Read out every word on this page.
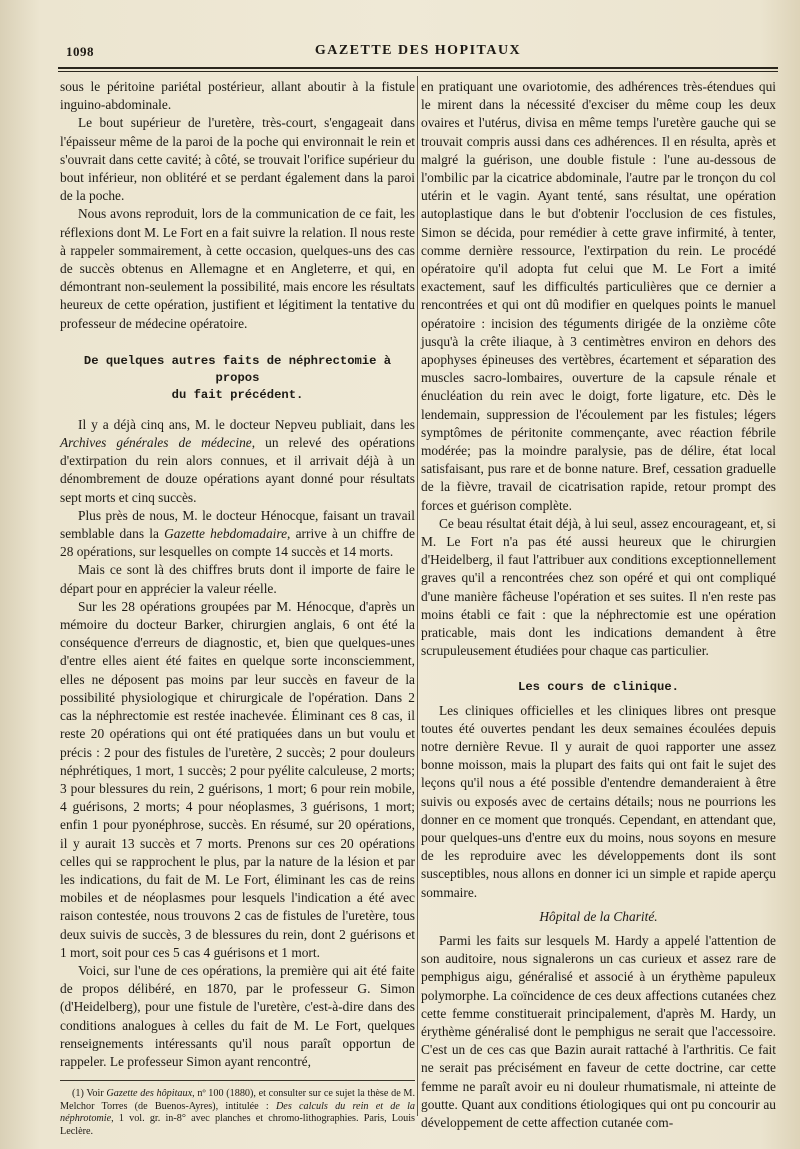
1098	GAZETTE DES HOPITAUX

sous le péritoine pariétal postérieur, allant aboutir à la fistule inguino-abdominale.

Le bout supérieur de l'uretère, très-court, s'engageait dans l'épaisseur même de la paroi de la poche qui environnait le rein et s'ouvrait dans cette cavité; à côté, se trouvait l'orifice supérieur du bout inférieur, non oblitéré et se perdant également dans la paroi de la poche.

Nous avons reproduit, lors de la communication de ce fait, les réflexions dont M. Le Fort en a fait suivre la relation. Il nous reste à rappeler sommairement, à cette occasion, quelques-uns des cas de succès obtenus en Allemagne et en Angleterre, et qui, en démontrant non-seulement la possibilité, mais encore les résultats heureux de cette opération, justifient et légitiment la tentative du professeur de médecine opératoire.

De quelques autres faits de néphrectomie à propos
du fait précédent.

Il y a déjà cinq ans, M. le docteur Nepveu publiait, dans les Archives générales de médecine, un relevé des opérations d'extirpation du rein alors connues, et il arrivait déjà à un dénombrement de douze opérations ayant donné pour résultats sept morts et cinq succès.

Plus près de nous, M. le docteur Hénocque, faisant un travail semblable dans la Gazette hebdomadaire, arrive à un chiffre de 28 opérations, sur lesquelles on compte 14 succès et 14 morts.

Mais ce sont là des chiffres bruts dont il importe de faire le départ pour en apprécier la valeur réelle.

Sur les 28 opérations groupées par M. Hénocque, d'après un mémoire du docteur Barker, chirurgien anglais, 6 ont été la conséquence d'erreurs de diagnostic, et, bien que quelques-unes d'entre elles aient été faites en quelque sorte inconsciemment, elles ne déposent pas moins par leur succès en faveur de la possibilité physiologique et chirurgicale de l'opération. Dans 2 cas la néphrectomie est restée inachevée. Éliminant ces 8 cas, il reste 20 opérations qui ont été pratiquées dans un but voulu et précis : 2 pour des fistules de l'uretère, 2 succès; 2 pour douleurs néphrétiques, 1 mort, 1 succès; 2 pour pyélite calculeuse, 2 morts; 3 pour blessures du rein, 2 guérisons, 1 mort; 6 pour rein mobile, 4 guérisons, 2 morts; 4 pour néoplasmes, 3 guérisons, 1 mort; enfin 1 pour pyonéphrose, succès. En résumé, sur 20 opérations, il y aurait 13 succès et 7 morts. Prenons sur ces 20 opérations celles qui se rapprochent le plus, par la nature de la lésion et par les indications, du fait de M. Le Fort, éliminant les cas de reins mobiles et de néoplasmes pour lesquels l'indication a été avec raison contestée, nous trouvons 2 cas de fistules de l'uretère, tous deux suivis de succès, 3 de blessures du rein, dont 2 guérisons et 1 mort, soit pour ces 5 cas 4 guérisons et 1 mort.

Voici, sur l'une de ces opérations, la première qui ait été faite de propos délibéré, en 1870, par le professeur G. Simon (d'Heidelberg), pour une fistule de l'uretère, c'est-à-dire dans des conditions analogues à celles du fait de M. Le Fort, quelques renseignements intéressants qu'il nous paraît opportun de rappeler. Le professeur Simon ayant rencontré,

(1) Voir Gazette des hôpitaux, nº 100 (1880), et consulter sur ce sujet la thèse de M. Melchor Torres (de Buenos-Ayres), intitulée : Des calculs du rein et de la néphrotomie, 1 vol. gr. in-8° avec planches et chromo-lithographies. Paris, Louis Leclère.

en pratiquant une ovariotomie, des adhérences très-étendues qui le mirent dans la nécessité d'exciser du même coup les deux ovaires et l'utérus, divisa en même temps l'uretère gauche qui se trouvait compris aussi dans ces adhérences. Il en résulta, après et malgré la guérison, une double fistule : l'une au-dessous de l'ombilic par la cicatrice abdominale, l'autre par le tronçon du col utérin et le vagin. Ayant tenté, sans résultat, une opération autoplastique dans le but d'obtenir l'occlusion de ces fistules, Simon se décida, pour remédier à cette grave infirmité, à tenter, comme dernière ressource, l'extirpation du rein. Le procédé opératoire qu'il adopta fut celui que M. Le Fort a imité exactement, sauf les difficultés particulières que ce dernier a rencontrées et qui ont dû modifier en quelques points le manuel opératoire : incision des téguments dirigée de la onzième côte jusqu'à la crête iliaque, à 3 centimètres environ en dehors des apophyses épineuses des vertèbres, écartement et séparation des muscles sacro-lombaires, ouverture de la capsule rénale et énucléation du rein avec le doigt, forte ligature, etc. Dès le lendemain, suppression de l'écoulement par les fistules; légers symptômes de péritonite commençante, avec réaction fébrile modérée; pas la moindre paralysie, pas de délire, état local satisfaisant, pus rare et de bonne nature. Bref, cessation graduelle de la fièvre, travail de cicatrisation rapide, retour prompt des forces et guérison complète.

Ce beau résultat était déjà, à lui seul, assez encourageant, et, si M. Le Fort n'a pas été aussi heureux que le chirurgien d'Heidelberg, il faut l'attribuer aux conditions exceptionnellement graves qu'il a rencontrées chez son opéré et qui ont compliqué d'une manière fâcheuse l'opération et ses suites. Il n'en reste pas moins établi ce fait : que la néphrectomie est une opération praticable, mais dont les indications demandent à être scrupuleusement étudiées pour chaque cas particulier.

Les cours de clinique.

Les cliniques officielles et les cliniques libres ont presque toutes été ouvertes pendant les deux semaines écoulées depuis notre dernière Revue. Il y aurait de quoi rapporter une assez bonne moisson, mais la plupart des faits qui ont fait le sujet des leçons qu'il nous a été possible d'entendre demanderaient à être suivis ou exposés avec de certains détails; nous ne pourrions les donner en ce moment que tronqués. Cependant, en attendant que, pour quelques-uns d'entre eux du moins, nous soyons en mesure de les reproduire avec les développements dont ils sont susceptibles, nous allons en donner ici un simple et rapide aperçu sommaire.

Hôpital de la Charité.

Parmi les faits sur lesquels M. Hardy a appelé l'attention de son auditoire, nous signalerons un cas curieux et assez rare de pemphigus aigu, généralisé et associé à un érythème papuleux polymorphe. La coïncidence de ces deux affections cutanées chez cette femme constituerait principalement, d'après M. Hardy, un érythème généralisé dont le pemphigus ne serait que l'accessoire. C'est un de ces cas que Bazin aurait rattaché à l'arthritis. Ce fait ne serait pas précisément en faveur de cette doctrine, car cette femme ne paraît avoir eu ni douleur rhumatismale, ni atteinte de goutte. Quant aux conditions étiologiques qui ont pu concourir au développement de cette affection cutanée com-
